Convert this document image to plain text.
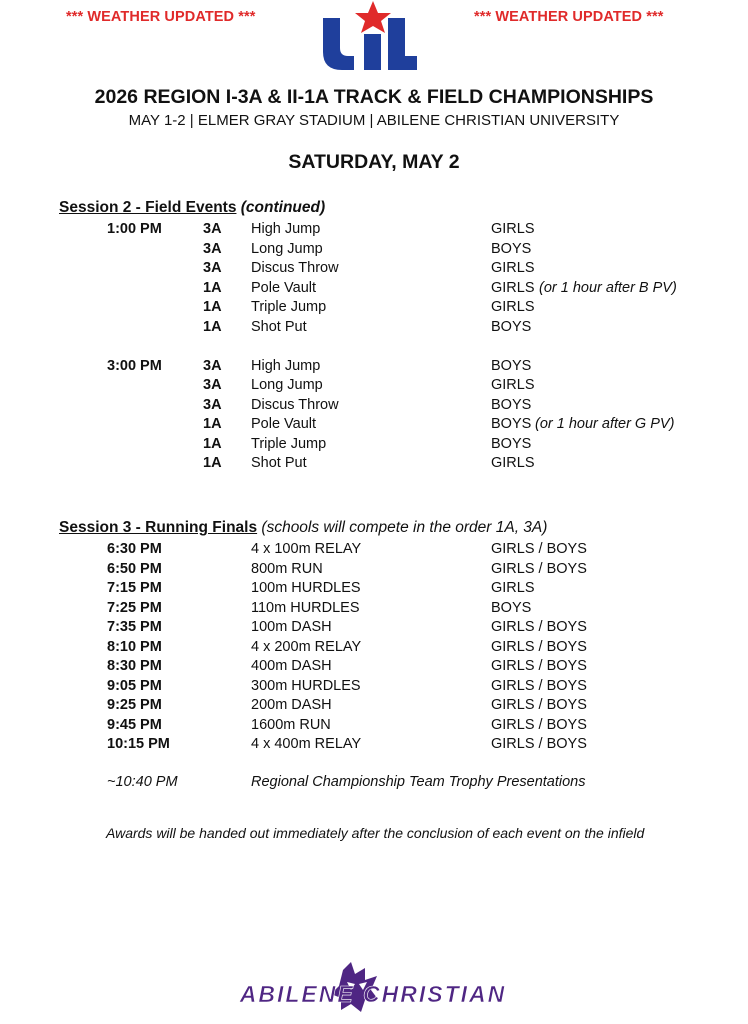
*** WEATHER UPDATED ***	*** WEATHER UPDATED ***
2026 REGION I-3A & II-1A TRACK & FIELD CHAMPIONSHIPS
MAY 1-2 | ELMER GRAY STADIUM | ABILENE CHRISTIAN UNIVERSITY
SATURDAY, MAY 2
Session 2 - Field Events (continued)
1:00 PM	3A High Jump	GIRLS
3A Long Jump	BOYS
3A Discus Throw	GIRLS
1A Pole Vault	GIRLS (or 1 hour after B PV)
1A Triple Jump	GIRLS
1A Shot Put	BOYS
3:00 PM	3A High Jump	BOYS
3A Long Jump	GIRLS
3A Discus Throw	BOYS
1A Pole Vault	BOYS (or 1 hour after G PV)
1A Triple Jump	BOYS
1A Shot Put	GIRLS
Session 3 - Running Finals (schools will compete in the order 1A, 3A)
6:30 PM	4 x 100m RELAY	GIRLS / BOYS
6:50 PM	800m RUN	GIRLS / BOYS
7:15 PM	100m HURDLES	GIRLS
7:25 PM	110m HURDLES	BOYS
7:35 PM	100m DASH	GIRLS / BOYS
8:10 PM	4 x 200m RELAY	GIRLS / BOYS
8:30 PM	400m DASH	GIRLS / BOYS
9:05 PM	300m HURDLES	GIRLS / BOYS
9:25 PM	200m DASH	GIRLS / BOYS
9:45 PM	1600m RUN	GIRLS / BOYS
10:15 PM	4 x 400m RELAY	GIRLS / BOYS
~10:40 PM	Regional Championship Team Trophy Presentations
Awards will be handed out immediately after the conclusion of each event on the infield
ABILENE CHRISTIAN
